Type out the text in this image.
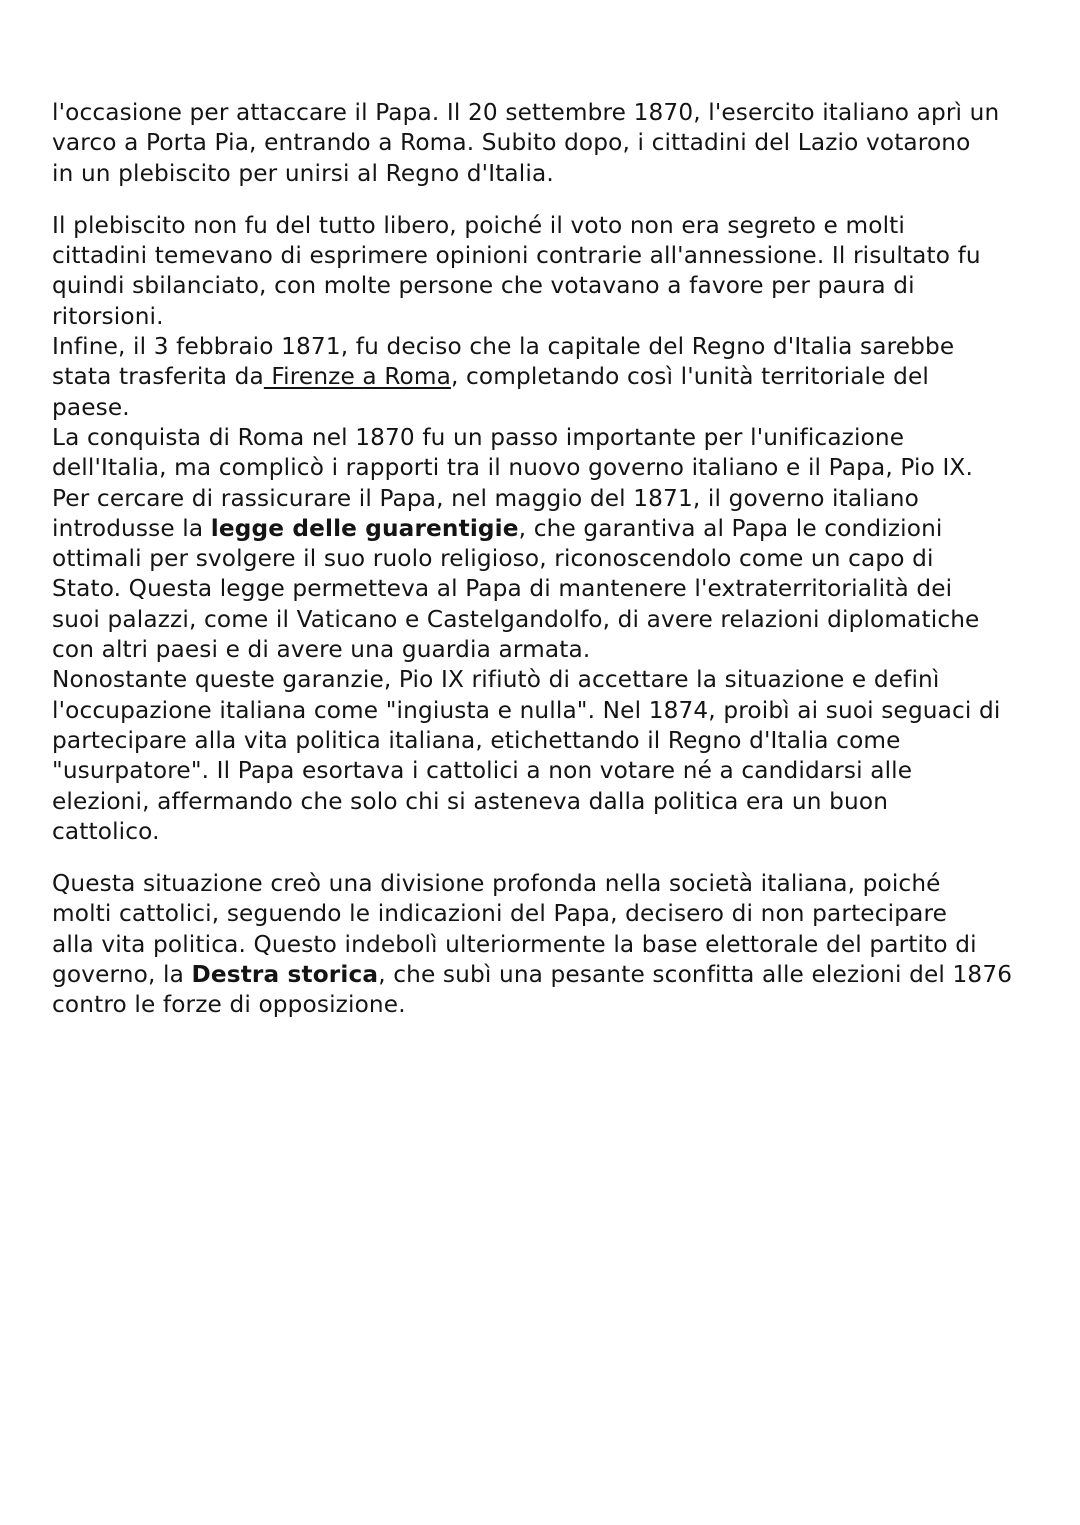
l'occasione per attaccare il Papa. Il 20 settembre 1870, l'esercito italiano aprì un
varco a Porta Pia, entrando a Roma. Subito dopo, i cittadini del Lazio votarono
in un plebiscito per unirsi al Regno d'Italia.
Il plebiscito non fu del tutto libero, poiché il voto non era segreto e molti
cittadini temevano di esprimere opinioni contrarie all'annessione. Il risultato fu
quindi sbilanciato, con molte persone che votavano a favore per paura di
ritorsioni.
Infine, il 3 febbraio 1871, fu deciso che la capitale del Regno d'Italia sarebbe
stata trasferita da Firenze a Roma, completando così l'unità territoriale del
paese.
La conquista di Roma nel 1870 fu un passo importante per l'unificazione
dell'Italia, ma complicò i rapporti tra il nuovo governo italiano e il Papa, Pio IX.
Per cercare di rassicurare il Papa, nel maggio del 1871, il governo italiano
introdusse la legge delle guarentigie, che garantiva al Papa le condizioni
ottimali per svolgere il suo ruolo religioso, riconoscendolo come un capo di
Stato. Questa legge permetteva al Papa di mantenere l'extraterritorialità dei
suoi palazzi, come il Vaticano e Castelgandolfo, di avere relazioni diplomatiche
con altri paesi e di avere una guardia armata.
Nonostante queste garanzie, Pio IX rifiutò di accettare la situazione e definì
l'occupazione italiana come "ingiusta e nulla". Nel 1874, proibì ai suoi seguaci di
partecipare alla vita politica italiana, etichettando il Regno d'Italia come
"usurpatore". Il Papa esortava i cattolici a non votare né a candidarsi alle
elezioni, affermando che solo chi si asteneva dalla politica era un buon
cattolico.
Questa situazione creò una divisione profonda nella società italiana, poiché
molti cattolici, seguendo le indicazioni del Papa, decisero di non partecipare
alla vita politica. Questo indebolì ulteriormente la base elettorale del partito di
governo, la Destra storica, che subì una pesante sconfitta alle elezioni del 1876
contro le forze di opposizione.
